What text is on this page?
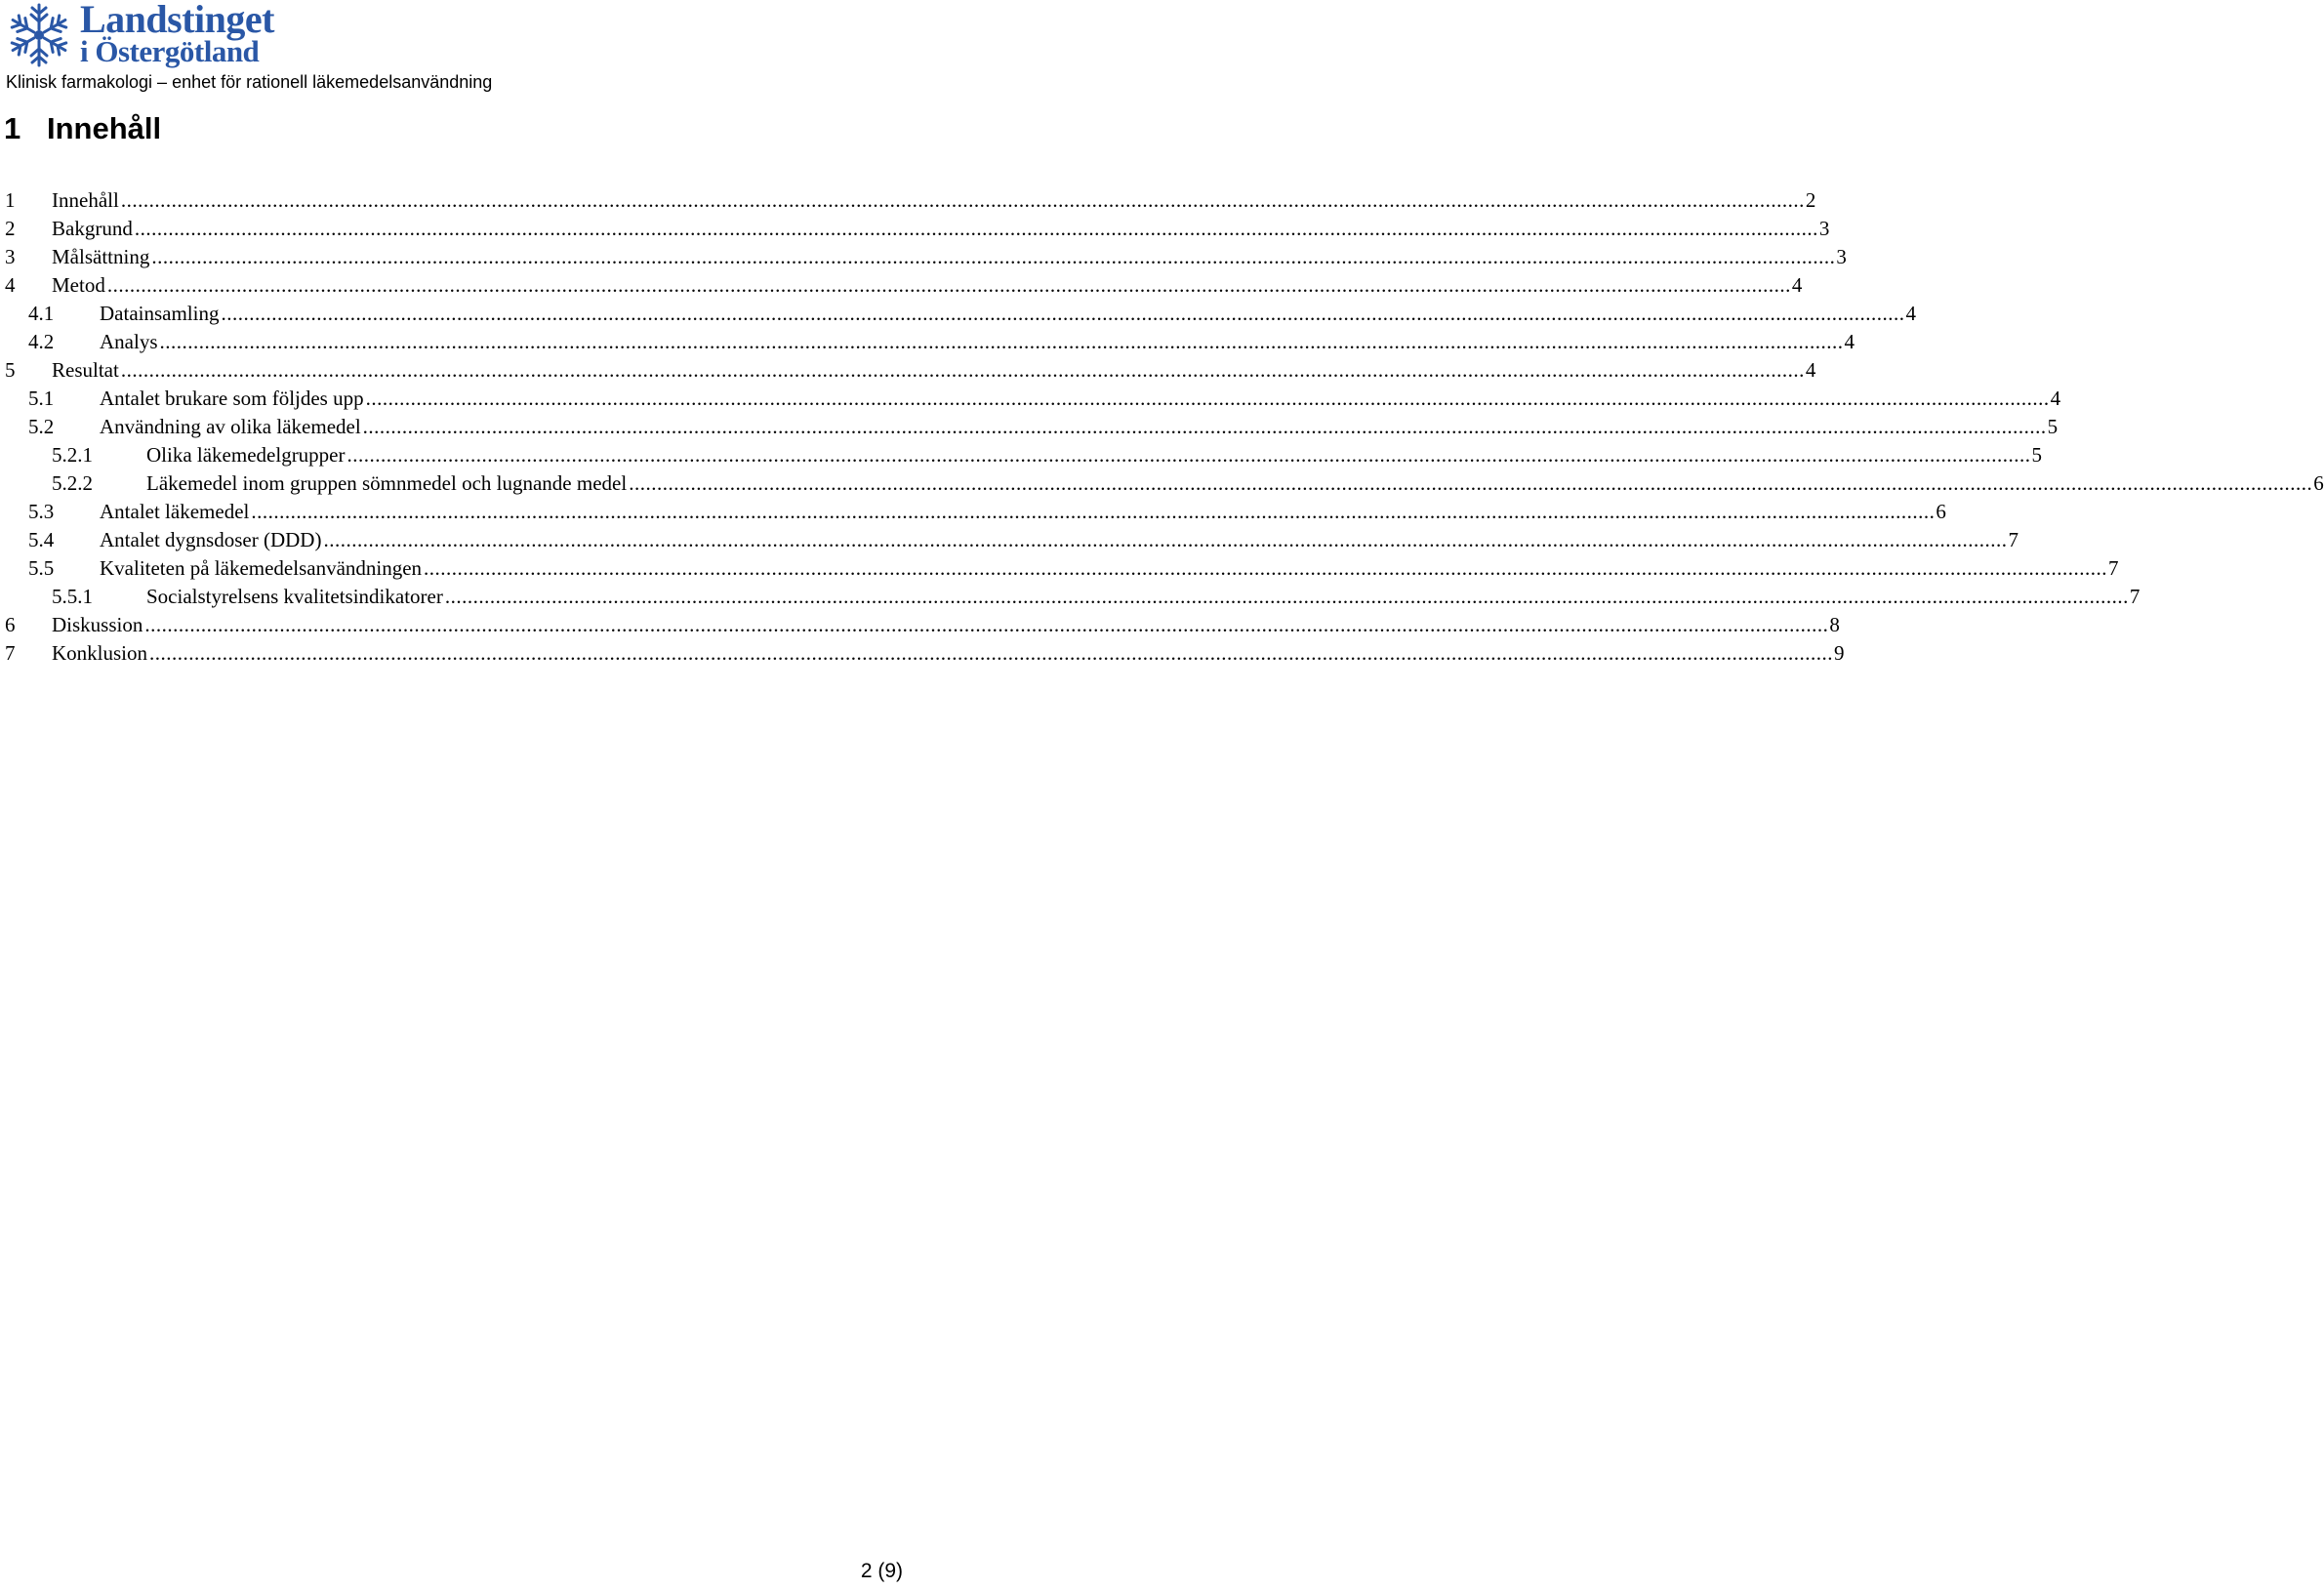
Landstinget
i Östergötland
Klinisk farmakologi – enhet för rationell läkemedelsanvändning
1 Innehåll
1 Innehåll ............................................................................................................................................................................................................................................................................................................ 2
2 Bakgrund ............................................................................................................................................................................................................................................................................................................ 3
3 Målsättning ............................................................................................................................................................................................................................................................................................................ 3
4 Metod ............................................................................................................................................................................................................................................................................................................ 4
4.1 Datainsamling ............................................................................................................................................................................................................................................................................................................ 4
4.2 Analys ............................................................................................................................................................................................................................................................................................................ 4
5 Resultat ............................................................................................................................................................................................................................................................................................................ 4
5.1 Antalet brukare som följdes upp ............................................................................................................................................................................................................................................................................................................ 4
5.2 Användning av olika läkemedel ............................................................................................................................................................................................................................................................................................................ 5
5.2.1	Olika läkemedelgrupper ............................................................................................................................................................................................................................................................................................................ 5
5.2.2	Läkemedel inom gruppen sömnmedel och lugnande medel ............................................................................................................................................................................................................................................................................................................ 6
5.3 Antalet läkemedel ............................................................................................................................................................................................................................................................................................................ 6
5.4 Antalet dygnsdoser (DDD) ............................................................................................................................................................................................................................................................................................................ 7
5.5 Kvaliteten på läkemedelsanvändningen ............................................................................................................................................................................................................................................................................................................ 7
5.5.1	Socialstyrelsens kvalitetsindikatorer ............................................................................................................................................................................................................................................................................................................ 7
6 Diskussion ............................................................................................................................................................................................................................................................................................................ 8
7 Konklusion ............................................................................................................................................................................................................................................................................................................ 9
2 (9)
